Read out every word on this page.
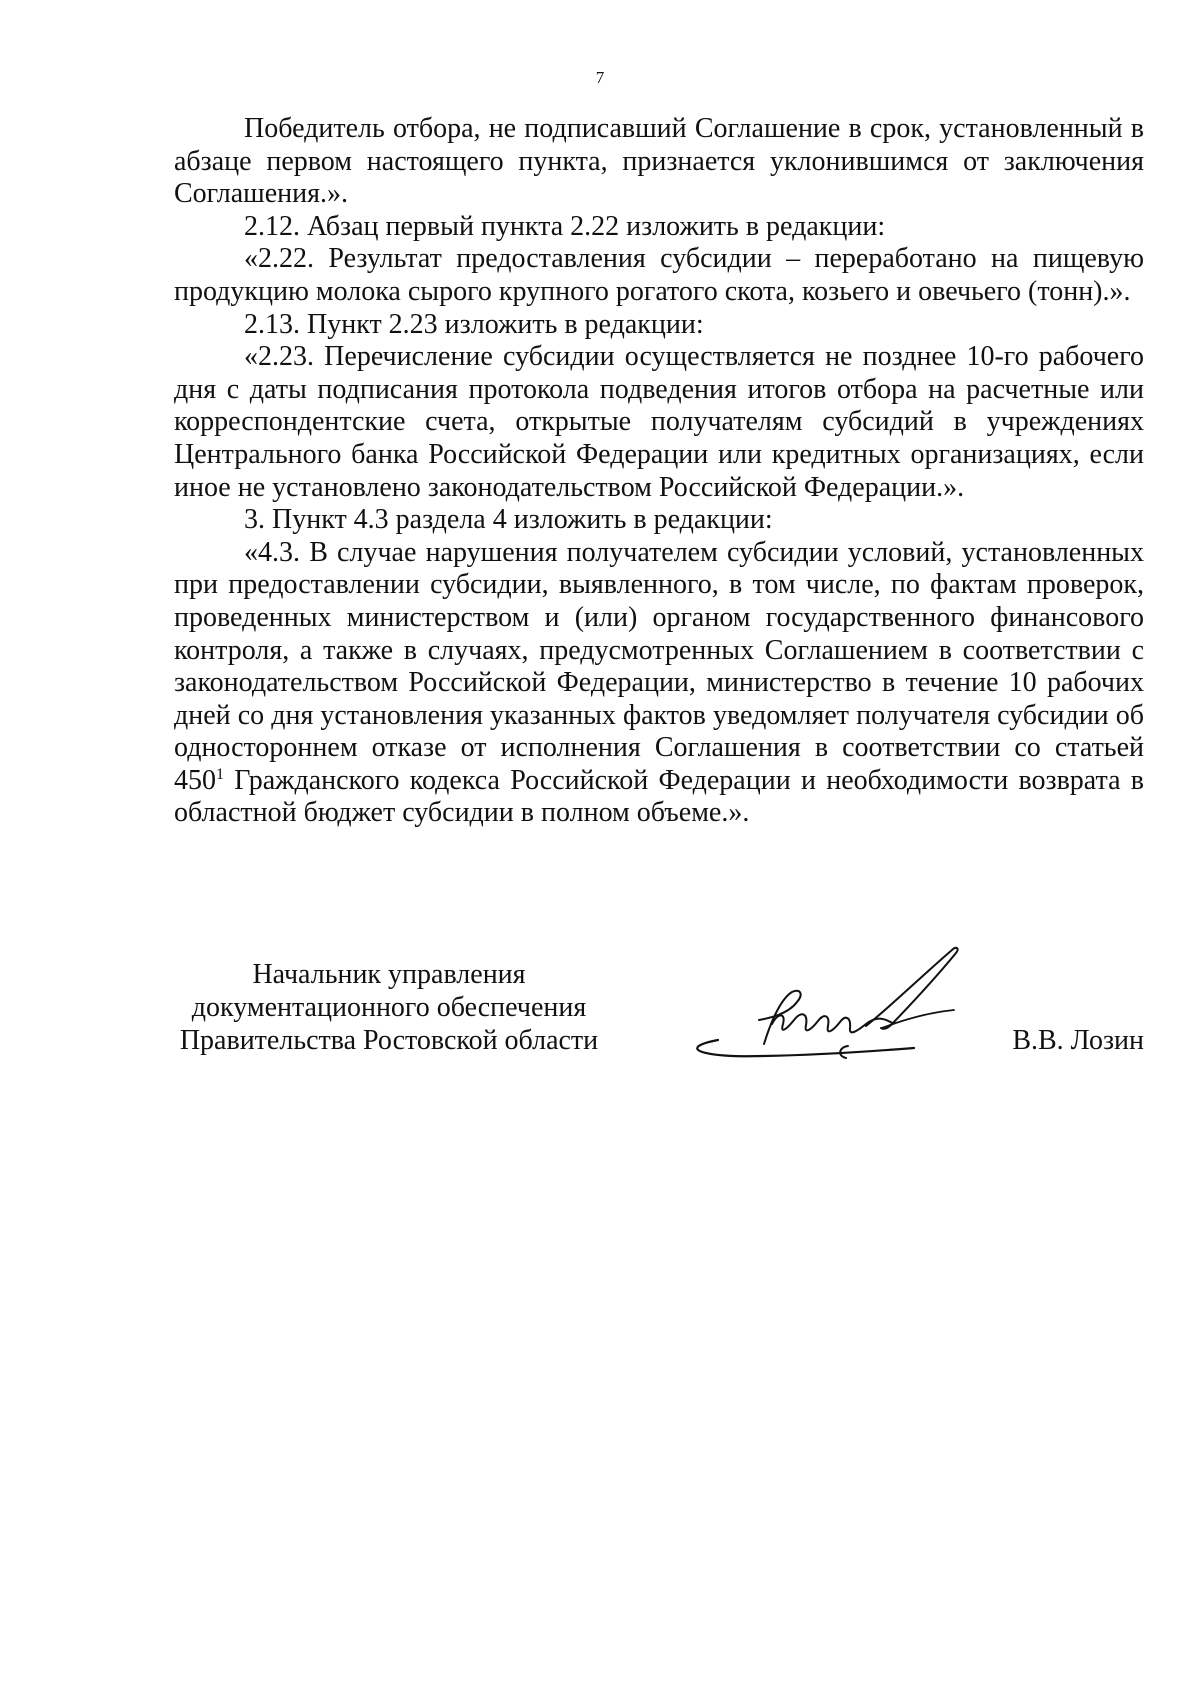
7

Победитель отбора, не подписавший Соглашение в срок, установленный в абзаце первом настоящего пункта, признается уклонившимся от заключения Соглашения.».

2.12. Абзац первый пункта 2.22 изложить в редакции:

«2.22. Результат предоставления субсидии – переработано на пищевую продукцию молока сырого крупного рогатого скота, козьего и овечьего (тонн).».

2.13. Пункт 2.23 изложить в редакции:

«2.23. Перечисление субсидии осуществляется не позднее 10-го рабочего дня с даты подписания протокола подведения итогов отбора на расчетные или корреспондентские счета, открытые получателям субсидий в учреждениях Центрального банка Российской Федерации или кредитных организациях, если иное не установлено законодательством Российской Федерации.».

3. Пункт 4.3 раздела 4 изложить в редакции:

«4.3. В случае нарушения получателем субсидии условий, установленных при предоставлении субсидии, выявленного, в том числе, по фактам проверок, проведенных министерством и (или) органом государственного финансового контроля, а также в случаях, предусмотренных Соглашением в соответствии с законодательством Российской Федерации, министерство в течение 10 рабочих дней со дня установления указанных фактов уведомляет получателя субсидии об одностороннем отказе от исполнения Соглашения в соответствии со статьей $450^1$ Гражданского кодекса Российской Федерации и необходимости возврата в областной бюджет субсидии в полном объеме.».

Начальник управления
документационного обеспечения
Правительства Ростовской области	В.В. Лозин
